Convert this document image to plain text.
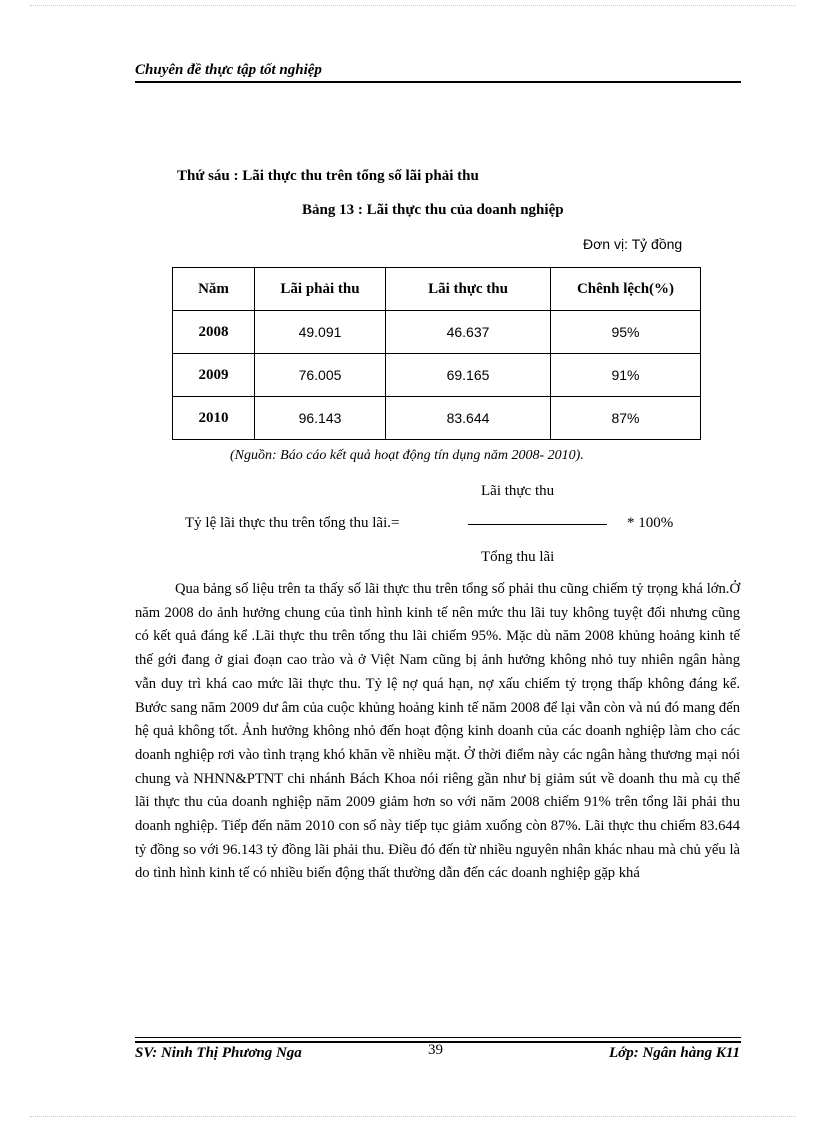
Chuyên đề thực tập tốt nghiệp
Thứ sáu : Lãi thực thu trên tổng số lãi phải thu
Bảng 13 : Lãi thực thu của doanh nghiệp
Đơn vị: Tỷ đồng
Năm	Lãi phải thu	Lãi thực thu	Chênh lệch(%)
2008	49.091	46.637	95%
2009	76.005	69.165	91%
2010	96.143	83.644	87%
(Nguồn: Báo cáo kết quả hoạt động tín dụng năm 2008- 2010).
Lãi thực thu
Tỷ lệ lãi thực thu trên tổng thu lãi.=	* 100%
Tổng thu lãi

Qua bảng số liệu trên ta thấy số lãi thực thu trên tổng số phải thu cũng chiếm tỷ trọng khá lớn.Ở năm 2008 do ảnh hưởng chung của tình hình kinh tế nên mức thu lãi tuy không tuyệt đối nhưng cũng có kết quả đáng kể .Lãi thực thu trên tổng thu lãi chiếm 95%. Mặc dù năm 2008 khủng hoảng kinh tế thế gới đang ở giai đoạn cao trào và ở Việt Nam cũng bị ảnh hưởng không nhỏ tuy nhiên ngân hàng vẫn duy trì khá cao mức lãi thực thu. Tỷ lệ nợ quá hạn, nợ xấu chiếm tỷ trọng thấp không đáng kể. Bước sang năm 2009 dư âm của cuộc khủng hoảng kinh tế năm 2008 để lại vẫn còn và nú đó mang đến hệ quả không tốt. Ảnh hưởng không nhỏ đến hoạt động kinh doanh của các doanh nghiệp làm cho các doanh nghiệp rơi vào tình trạng khó khăn về nhiều mặt. Ở thời điểm này các ngân hàng thương mại nói chung và NHNN&PTNT chi nhánh Bách Khoa nói riêng gần như bị giảm sút về doanh thu mà cụ thể lãi thực thu của doanh nghiệp năm 2009 giảm hơn so với năm 2008 chiếm 91% trên tổng lãi phải thu doanh nghiệp. Tiếp đến năm 2010 con số này tiếp tục giảm xuống còn 87%. Lãi thực thu chiếm 83.644 tỷ đồng so với 96.143 tỷ đồng lãi phải thu. Điều đó đến từ nhiều nguyên nhân khác nhau mà chủ yếu là do tình hình kinh tế có nhiều biến động thất thường dẫn đến các doanh nghiệp gặp khá

SV: Ninh Thị Phương Nga	39	Lớp: Ngân hàng K11
